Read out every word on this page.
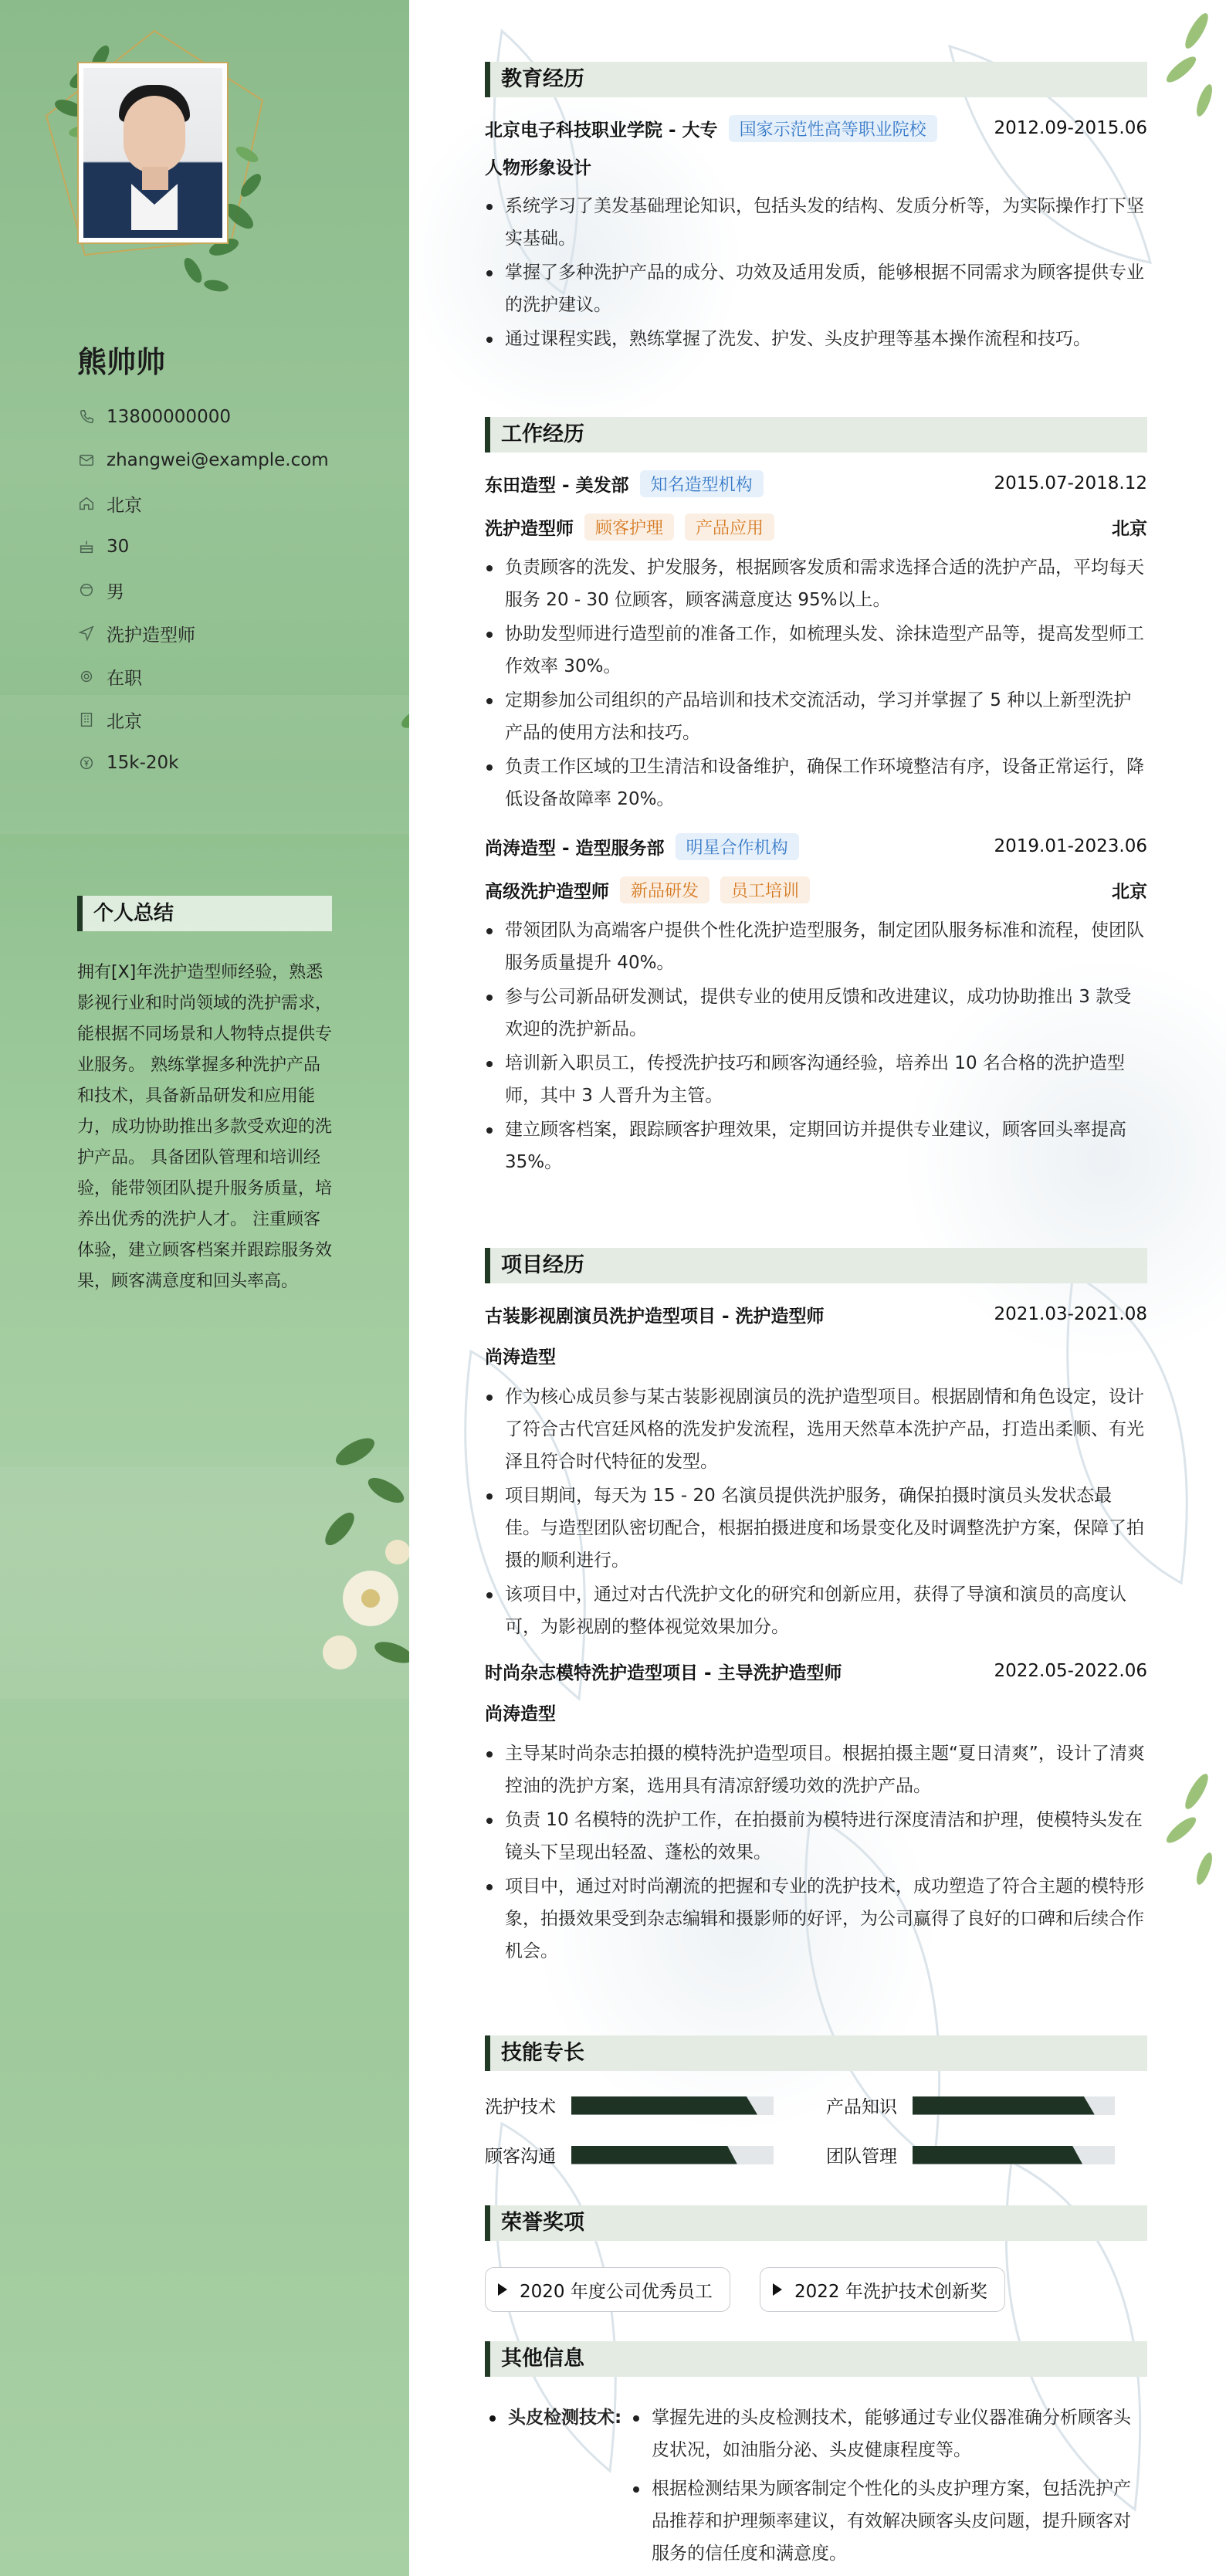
熊帅帅
13800000000
zhangwei@example.com
北京
30
男
洗护造型师
在职
北京
15k-20k
个人总结
拥有[X]年洗护造型师经验，熟悉影视行业和时尚领域的洗护需求，能根据不同场景和人物特点提供专业服务。 熟练掌握多种洗护产品和技术，具备新品研发和应用能力，成功协助推出多款受欢迎的洗护产品。 具备团队管理和培训经验，能带领团队提升服务质量，培养出优秀的洗护人才。 注重顾客体验，建立顾客档案并跟踪服务效果，顾客满意度和回头率高。
教育经历
北京电子科技职业学院 - 大专	国家示范性高等职业院校	2012.09-2015.06
人物形象设计
系统学习了美发基础理论知识，包括头发的结构、发质分析等，为实际操作打下坚实基础。
掌握了多种洗护产品的成分、功效及适用发质，能够根据不同需求为顾客提供专业的洗护建议。
通过课程实践，熟练掌握了洗发、护发、头皮护理等基本操作流程和技巧。
工作经历
东田造型 - 美发部	知名造型机构	2015.07-2018.12
洗护造型师	顾客护理	产品应用	北京
负责顾客的洗发、护发服务，根据顾客发质和需求选择合适的洗护产品，平均每天服务 20 - 30 位顾客，顾客满意度达 95%以上。
协助发型师进行造型前的准备工作，如梳理头发、涂抹造型产品等，提高发型师工作效率 30%。
定期参加公司组织的产品培训和技术交流活动，学习并掌握了 5 种以上新型洗护产品的使用方法和技巧。
负责工作区域的卫生清洁和设备维护，确保工作环境整洁有序，设备正常运行，降低设备故障率 20%。
尚涛造型 - 造型服务部	明星合作机构	2019.01-2023.06
高级洗护造型师	新品研发	员工培训	北京
带领团队为高端客户提供个性化洗护造型服务，制定团队服务标准和流程，使团队服务质量提升 40%。
参与公司新品研发测试，提供专业的使用反馈和改进建议，成功协助推出 3 款受欢迎的洗护新品。
培训新入职员工，传授洗护技巧和顾客沟通经验，培养出 10 名合格的洗护造型师，其中 3 人晋升为主管。
建立顾客档案，跟踪顾客护理效果，定期回访并提供专业建议，顾客回头率提高 35%。
项目经历
古装影视剧演员洗护造型项目 - 洗护造型师	2021.03-2021.08
尚涛造型
作为核心成员参与某古装影视剧演员的洗护造型项目。根据剧情和角色设定，设计了符合古代宫廷风格的洗发护发流程，选用天然草本洗护产品，打造出柔顺、有光泽且符合时代特征的发型。
项目期间，每天为 15 - 20 名演员提供洗护服务，确保拍摄时演员头发状态最佳。与造型团队密切配合，根据拍摄进度和场景变化及时调整洗护方案，保障了拍摄的顺利进行。
该项目中，通过对古代洗护文化的研究和创新应用，获得了导演和演员的高度认可，为影视剧的整体视觉效果加分。
时尚杂志模特洗护造型项目 - 主导洗护造型师	2022.05-2022.06
尚涛造型
主导某时尚杂志拍摄的模特洗护造型项目。根据拍摄主题“夏日清爽”，设计了清爽控油的洗护方案，选用具有清凉舒缓功效的洗护产品。
负责 10 名模特的洗护工作，在拍摄前为模特进行深度清洁和护理，使模特头发在镜头下呈现出轻盈、蓬松的效果。
项目中，通过对时尚潮流的把握和专业的洗护技术，成功塑造了符合主题的模特形象，拍摄效果受到杂志编辑和摄影师的好评，为公司赢得了良好的口碑和后续合作机会。
技能专长
洗护技术	产品知识
顾客沟通	团队管理
荣誉奖项
2020 年度公司优秀员工	2022 年洗护技术创新奖
其他信息
头皮检测技术:	掌握先进的头皮检测技术，能够通过专业仪器准确分析顾客头皮状况，如油脂分泌、头皮健康程度等。
根据检测结果为顾客制定个性化的头皮护理方案，包括洗护产品推荐和护理频率建议，有效解决顾客头皮问题，提升顾客对服务的信任度和满意度。
